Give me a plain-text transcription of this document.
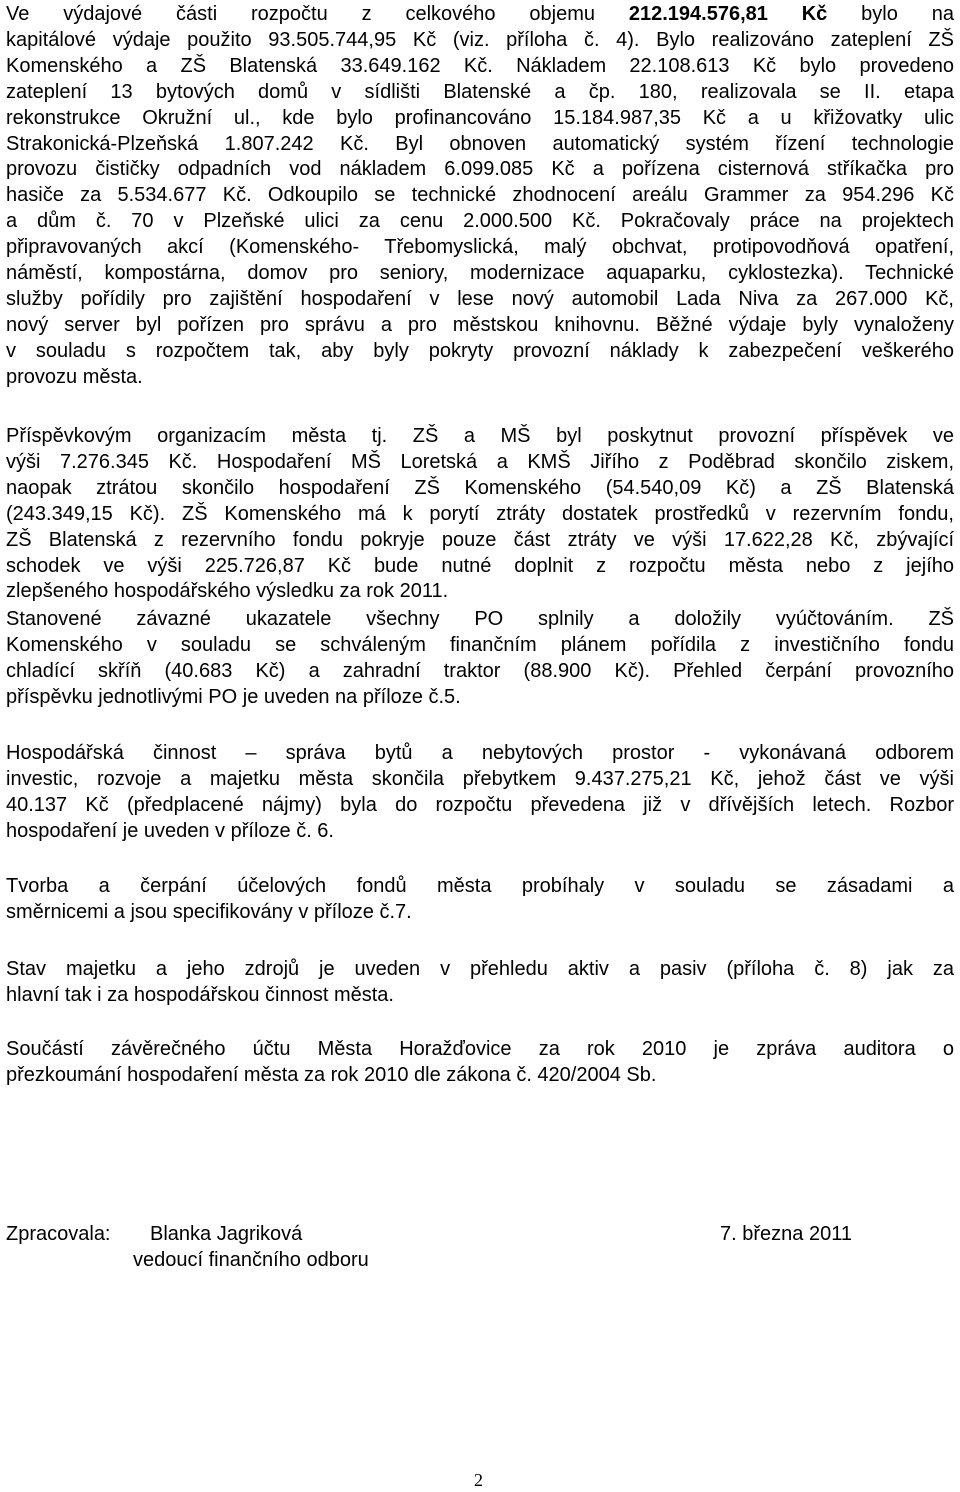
Ve výdajové části rozpočtu z celkového objemu 212.194.576,81 Kč bylo na
kapitálové výdaje použito 93.505.744,95 Kč (viz. příloha č. 4). Bylo realizováno zateplení ZŠ
Komenského a ZŠ Blatenská 33.649.162 Kč. Nákladem 22.108.613 Kč bylo provedeno
zateplení 13 bytových domů v sídlišti Blatenské a čp. 180, realizovala se II. etapa
rekonstrukce Okružní ul., kde bylo profinancováno 15.184.987,35 Kč a u křižovatky ulic
Strakonická-Plzeňská 1.807.242 Kč. Byl obnoven automatický systém řízení technologie
provozu čističky odpadních vod nákladem 6.099.085 Kč a pořízena cisternová stříkačka pro
hasiče za 5.534.677 Kč. Odkoupilo se technické zhodnocení areálu Grammer za 954.296 Kč
a dům č. 70 v Plzeňské ulici za cenu 2.000.500 Kč. Pokračovaly práce na projektech
připravovaných akcí (Komenského- Třebomyslická, malý obchvat, protipovodňová opatření,
náměstí, kompostárna, domov pro seniory, modernizace aquaparku, cyklostezka). Technické
služby pořídily pro zajištění hospodaření v lese nový automobil Lada Niva za 267.000 Kč,
nový server byl pořízen pro správu a pro městskou knihovnu. Běžné výdaje byly vynaloženy
v souladu s rozpočtem tak, aby byly pokryty provozní náklady k zabezpečení veškerého
provozu města.
Příspěvkovým organizacím města tj. ZŠ a MŠ byl poskytnut provozní příspěvek ve
výši 7.276.345 Kč. Hospodaření MŠ Loretská a KMŠ Jiřího z Poděbrad skončilo ziskem,
naopak ztrátou skončilo hospodaření ZŠ Komenského (54.540,09 Kč) a ZŠ Blatenská
(243.349,15 Kč). ZŠ Komenského má k porytí ztráty dostatek prostředků v rezervním fondu,
ZŠ Blatenská z rezervního fondu pokryje pouze část ztráty ve výši 17.622,28 Kč, zbývající
schodek ve výši 225.726,87 Kč bude nutné doplnit z rozpočtu města nebo z jejího
zlepšeného hospodářského výsledku za rok 2011.
Stanovené závazné ukazatele všechny PO splnily a doložily vyúčtováním. ZŠ
Komenského v souladu se schváleným finančním plánem pořídila z investičního fondu
chladící skříň (40.683 Kč) a zahradní traktor (88.900 Kč). Přehled čerpání provozního
příspěvku jednotlivými PO je uveden na příloze č.5.
Hospodářská činnost – správa bytů a nebytových prostor - vykonávaná odborem
investic, rozvoje a majetku města skončila přebytkem 9.437.275,21 Kč, jehož část ve výši
40.137 Kč (předplacené nájmy) byla do rozpočtu převedena již v dřívějších letech. Rozbor
hospodaření je uveden v příloze č. 6.
Tvorba a čerpání účelových fondů města probíhaly v souladu se zásadami a
směrnicemi a jsou specifikovány v příloze č.7.
Stav majetku a jeho zdrojů je uveden v přehledu aktiv a pasiv (příloha č. 8) jak za
hlavní tak i za hospodářskou činnost města.
Součástí závěrečného účtu Města Horažďovice za rok 2010 je zpráva auditora o
přezkoumání hospodaření města za rok 2010 dle zákona č. 420/2004 Sb.
Zpracovala: Blanka Jagriková	7. března 2011
vedoucí finančního odboru
2
